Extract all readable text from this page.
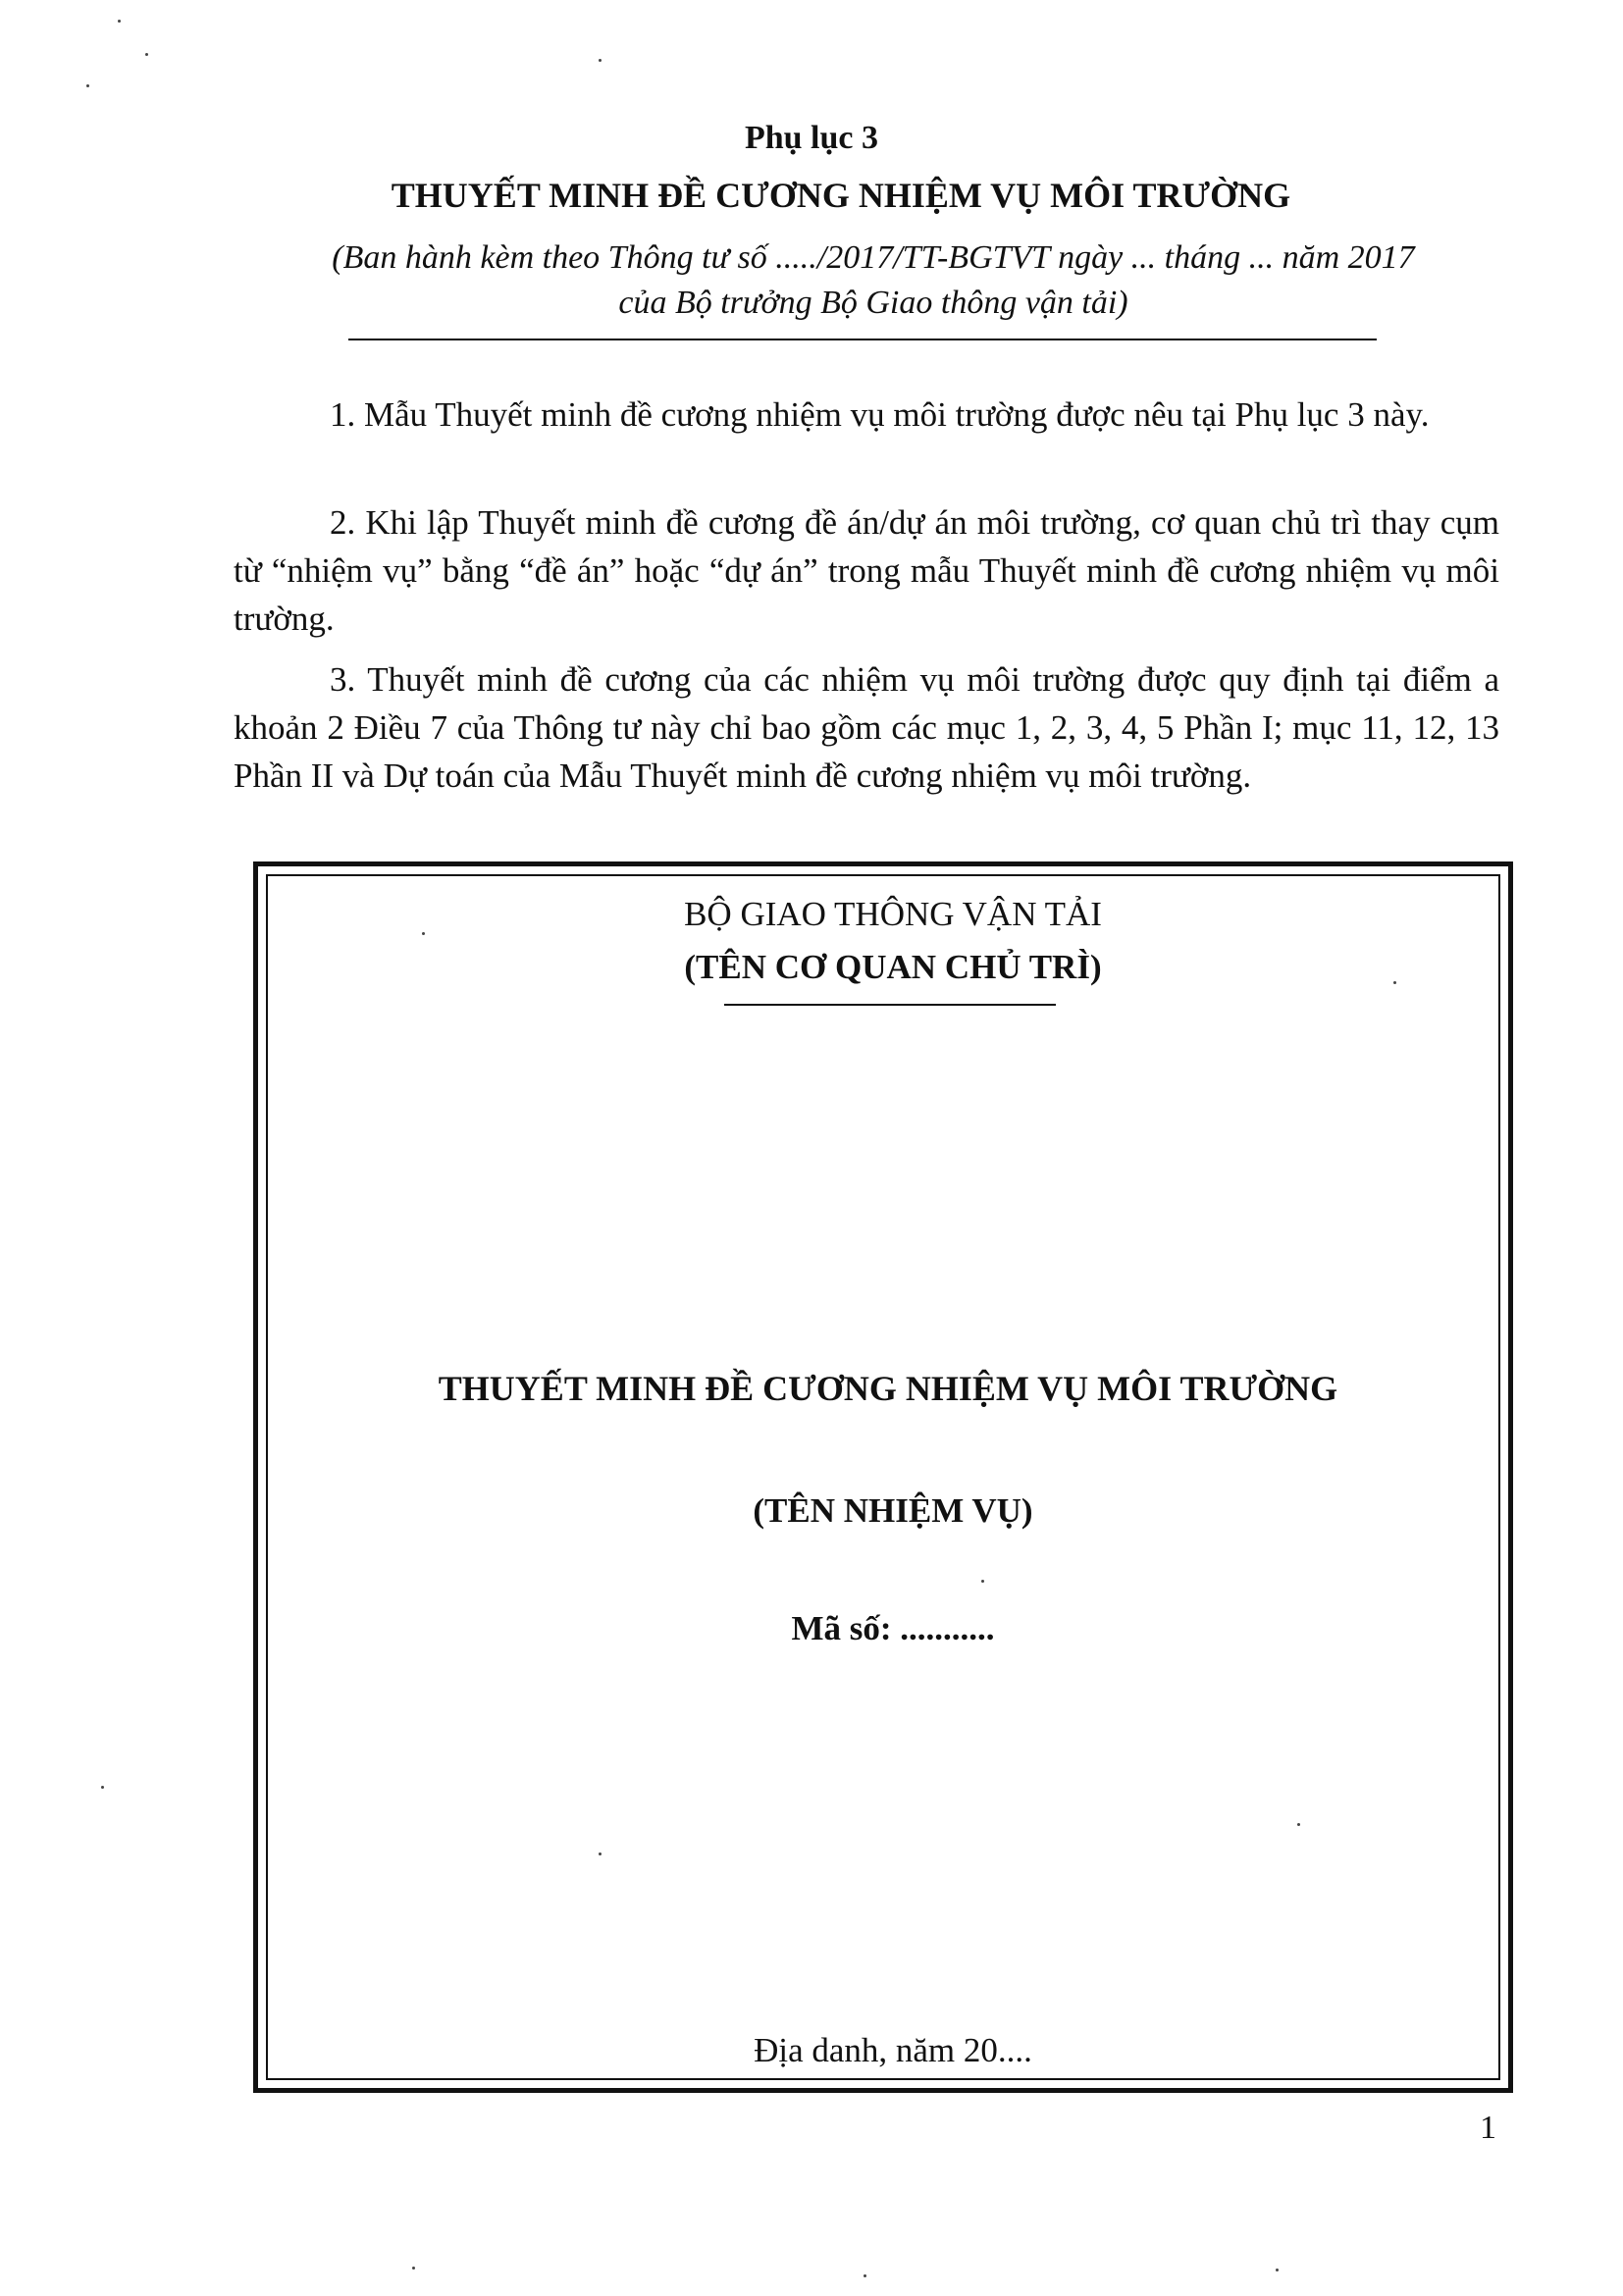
Phụ lục 3
THUYẾT MINH ĐỀ CƯƠNG NHIỆM VỤ MÔI TRƯỜNG
(Ban hành kèm theo Thông tư số ...../2017/TT-BGTVT ngày ... tháng ... năm 2017
của Bộ trưởng Bộ Giao thông vận tải)

1. Mẫu Thuyết minh đề cương nhiệm vụ môi trường được nêu tại Phụ lục 3 này.

2. Khi lập Thuyết minh đề cương đề án/dự án môi trường, cơ quan chủ trì thay cụm từ “nhiệm vụ” bằng “đề án” hoặc “dự án” trong mẫu Thuyết minh đề cương nhiệm vụ môi trường.

3. Thuyết minh đề cương của các nhiệm vụ môi trường được quy định tại điểm a khoản 2 Điều 7 của Thông tư này chỉ bao gồm các mục 1, 2, 3, 4, 5 Phần I; mục 11, 12, 13 Phần II và Dự toán của Mẫu Thuyết minh đề cương nhiệm vụ môi trường.

BỘ GIAO THÔNG VẬN TẢI
(TÊN CƠ QUAN CHỦ TRÌ)
THUYẾT MINH ĐỀ CƯƠNG NHIỆM VỤ MÔI TRƯỜNG
(TÊN NHIỆM VỤ)
Mã số: ...........
Địa danh, năm 20....
1
